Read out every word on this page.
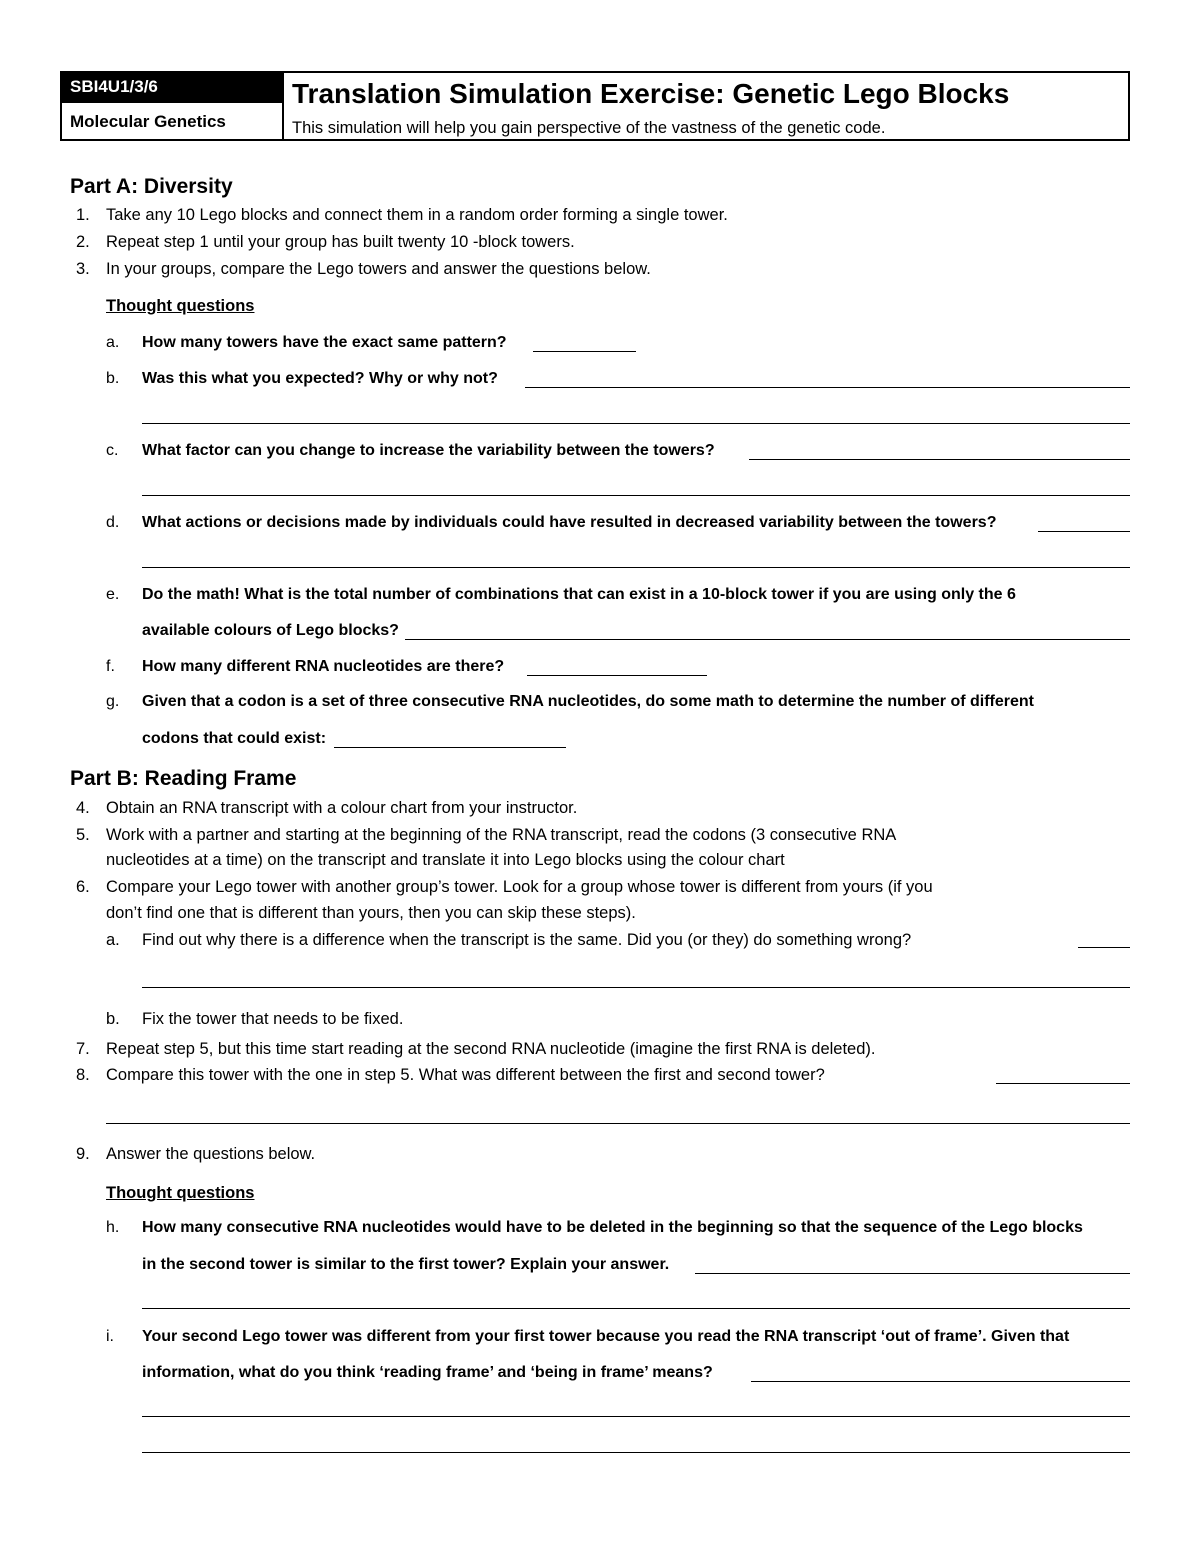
SBI4U1/3/6
Molecular Genetics
Translation Simulation Exercise: Genetic Lego Blocks
This simulation will help you gain perspective of the vastness of the genetic code.
Part A: Diversity
1. Take any 10 Lego blocks and connect them in a random order forming a single tower.
2. Repeat step 1 until your group has built twenty 10 -block towers.
3. In your groups, compare the Lego towers and answer the questions below.
Thought questions
a. How many towers have the exact same pattern?
b. Was this what you expected? Why or why not?
c. What factor can you change to increase the variability between the towers?
d. What actions or decisions made by individuals could have resulted in decreased variability between the towers?
e. Do the math! What is the total number of combinations that can exist in a 10-block tower if you are using only the 6
available colours of Lego blocks?
f. How many different RNA nucleotides are there?
g. Given that a codon is a set of three consecutive RNA nucleotides, do some math to determine the number of different
codons that could exist:
Part B: Reading Frame
4. Obtain an RNA transcript with a colour chart from your instructor.
5. Work with a partner and starting at the beginning of the RNA transcript, read the codons (3 consecutive RNA
nucleotides at a time) on the transcript and translate it into Lego blocks using the colour chart
6. Compare your Lego tower with another group’s tower. Look for a group whose tower is different from yours (if you
don’t find one that is different than yours, then you can skip these steps).
a. Find out why there is a difference when the transcript is the same. Did you (or they) do something wrong?
b. Fix the tower that needs to be fixed.
7. Repeat step 5, but this time start reading at the second RNA nucleotide (imagine the first RNA is deleted).
8. Compare this tower with the one in step 5. What was different between the first and second tower?
9. Answer the questions below.
Thought questions
h. How many consecutive RNA nucleotides would have to be deleted in the beginning so that the sequence of the Lego blocks
in the second tower is similar to the first tower? Explain your answer.
i. Your second Lego tower was different from your first tower because you read the RNA transcript ‘out of frame’. Given that
information, what do you think ‘reading frame’ and ‘being in frame’ means?
